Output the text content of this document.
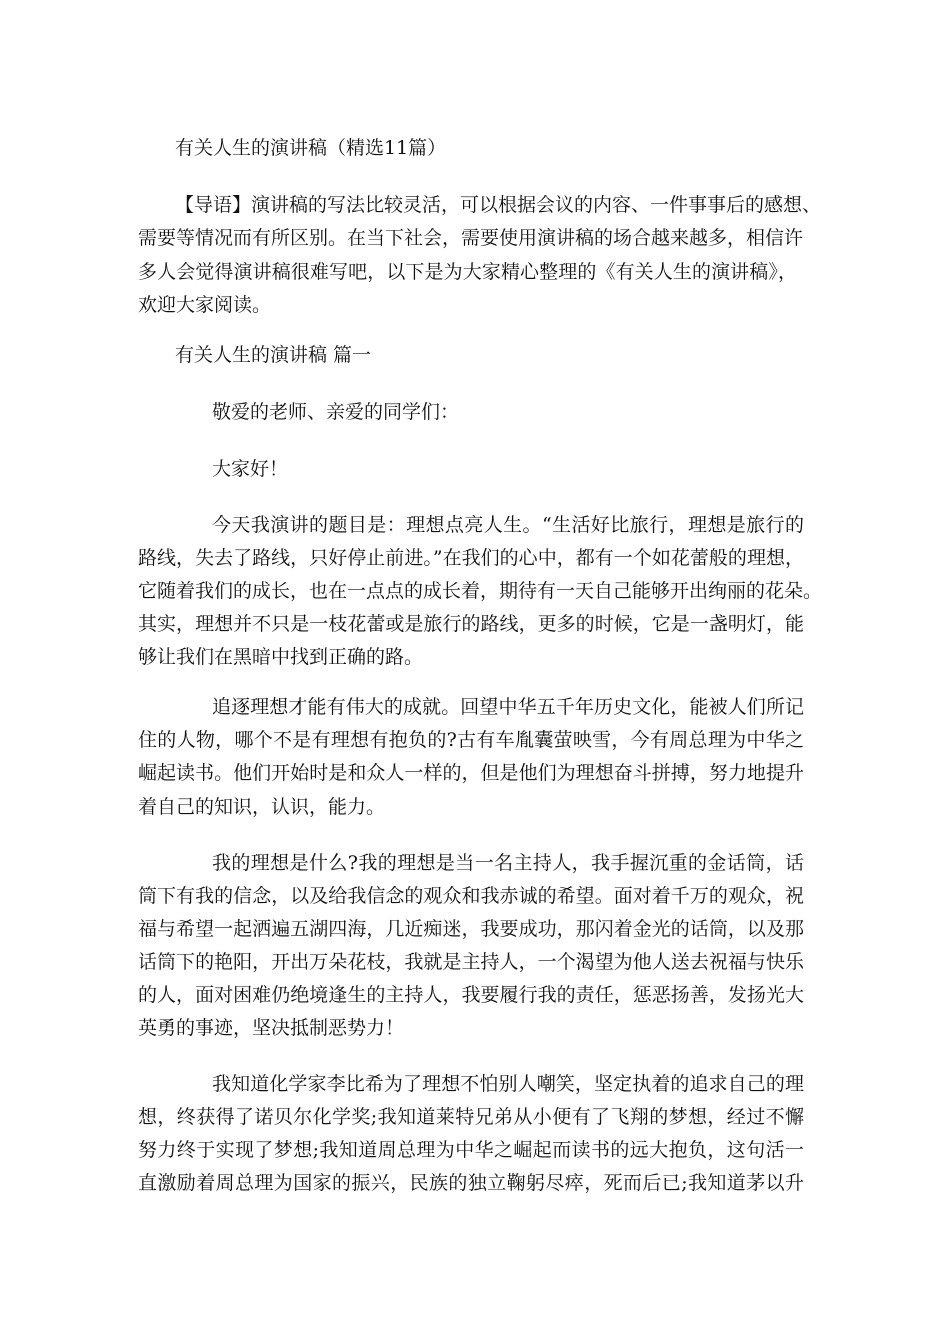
有关人生的演讲稿（精选11篇）
【导语】演讲稿的写法比较灵活，可以根据会议的内容、一件事事后的感想、
需要等情况而有所区别。在当下社会，需要使用演讲稿的场合越来越多，相信许
多人会觉得演讲稿很难写吧，以下是为大家精心整理的《有关人生的演讲稿》，
欢迎大家阅读。
有关人生的演讲稿 篇一
敬爱的老师、亲爱的同学们：
大家好！
今天我演讲的题目是：理想点亮人生。“生活好比旅行，理想是旅行的
路线，失去了路线，只好停止前进。”在我们的心中，都有一个如花蕾般的理想，
它随着我们的成长，也在一点点的成长着，期待有一天自己能够开出绚丽的花朵。
其实，理想并不只是一枝花蕾或是旅行的路线，更多的时候，它是一盏明灯，能
够让我们在黑暗中找到正确的路。
追逐理想才能有伟大的成就。回望中华五千年历史文化，能被人们所记
住的人物，哪个不是有理想有抱负的?古有车胤囊萤映雪，今有周总理为中华之
崛起读书。他们开始时是和众人一样的，但是他们为理想奋斗拼搏，努力地提升
着自己的知识，认识，能力。
我的理想是什么?我的理想是当一名主持人，我手握沉重的金话筒，话
筒下有我的信念，以及给我信念的观众和我赤诚的希望。面对着千万的观众，祝
福与希望一起洒遍五湖四海，几近痴迷，我要成功，那闪着金光的话筒，以及那
话筒下的艳阳，开出万朵花枝，我就是主持人，一个渴望为他人送去祝福与快乐
的人，面对困难仍绝境逢生的主持人，我要履行我的责任，惩恶扬善，发扬光大
英勇的事迹，坚决抵制恶势力！
我知道化学家李比希为了理想不怕别人嘲笑，坚定执着的追求自己的理
想，终获得了诺贝尔化学奖;我知道莱特兄弟从小便有了飞翔的梦想，经过不懈
努力终于实现了梦想;我知道周总理为中华之崛起而读书的远大抱负，这句活一
直激励着周总理为国家的振兴，民族的独立鞠躬尽瘁，死而后已;我知道茅以升
